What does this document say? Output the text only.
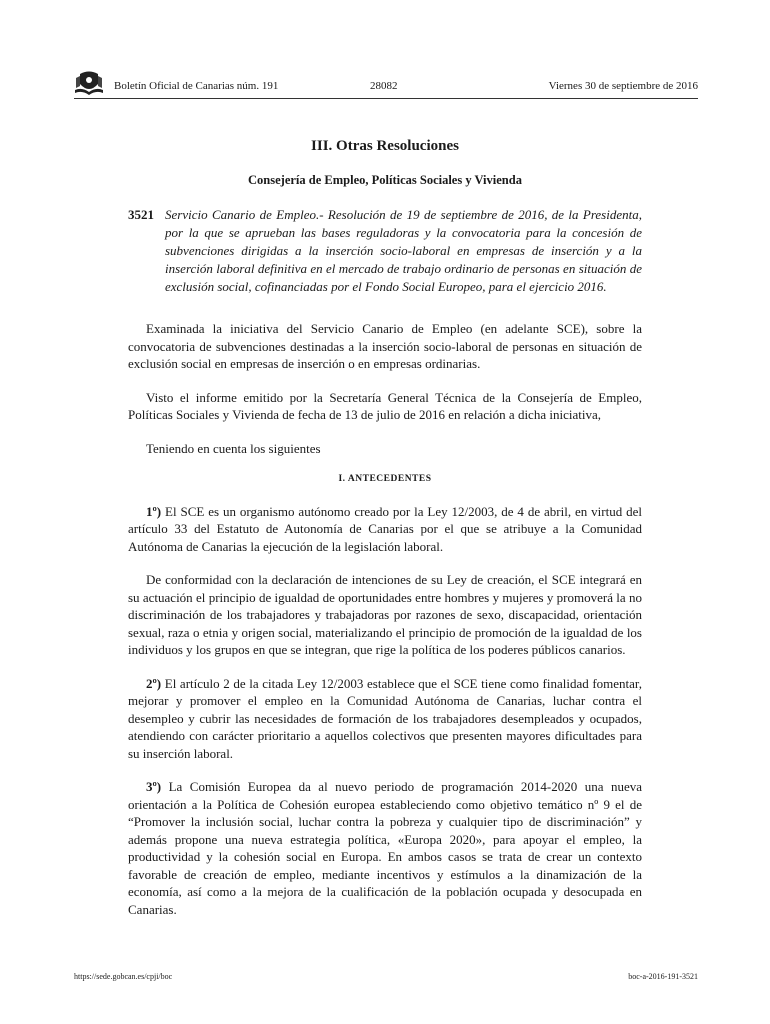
Boletín Oficial de Canarias núm. 191	28082	Viernes 30 de septiembre de 2016
III. Otras Resoluciones
Consejería de Empleo, Políticas Sociales y Vivienda
3521 Servicio Canario de Empleo.- Resolución de 19 de septiembre de 2016, de la Presidenta, por la que se aprueban las bases reguladoras y la convocatoria para la concesión de subvenciones dirigidas a la inserción socio-laboral en empresas de inserción y a la inserción laboral definitiva en el mercado de trabajo ordinario de personas en situación de exclusión social, cofinanciadas por el Fondo Social Europeo, para el ejercicio 2016.

Examinada la iniciativa del Servicio Canario de Empleo (en adelante SCE), sobre la convocatoria de subvenciones destinadas a la inserción socio-laboral de personas en situación de exclusión social en empresas de inserción o en empresas ordinarias.

Visto el informe emitido por la Secretaría General Técnica de la Consejería de Empleo, Políticas Sociales y Vivienda de fecha de 13 de julio de 2016 en relación a dicha iniciativa,

Teniendo en cuenta los siguientes

I. ANTECEDENTES

1º) El SCE es un organismo autónomo creado por la Ley 12/2003, de 4 de abril, en virtud del artículo 33 del Estatuto de Autonomía de Canarias por el que se atribuye a la Comunidad Autónoma de Canarias la ejecución de la legislación laboral.

De conformidad con la declaración de intenciones de su Ley de creación, el SCE integrará en su actuación el principio de igualdad de oportunidades entre hombres y mujeres y promoverá la no discriminación de los trabajadores y trabajadoras por razones de sexo, discapacidad, orientación sexual, raza o etnia y origen social, materializando el principio de promoción de la igualdad de los individuos y los grupos en que se integran, que rige la política de los poderes públicos canarios.

2º) El artículo 2 de la citada Ley 12/2003 establece que el SCE tiene como finalidad fomentar, mejorar y promover el empleo en la Comunidad Autónoma de Canarias, luchar contra el desempleo y cubrir las necesidades de formación de los trabajadores desempleados y ocupados, atendiendo con carácter prioritario a aquellos colectivos que presenten mayores dificultades para su inserción laboral.

3º) La Comisión Europea da al nuevo periodo de programación 2014-2020 una nueva orientación a la Política de Cohesión europea estableciendo como objetivo temático nº 9 el de “Promover la inclusión social, luchar contra la pobreza y cualquier tipo de discriminación” y además propone una nueva estrategia política, «Europa 2020», para apoyar el empleo, la productividad y la cohesión social en Europa. En ambos casos se trata de crear un contexto favorable de creación de empleo, mediante incentivos y estímulos a la dinamización de la economía, así como a la mejora de la cualificación de la población ocupada y desocupada en Canarias.

https://sede.gobcan.es/cpji/boc	boc-a-2016-191-3521
